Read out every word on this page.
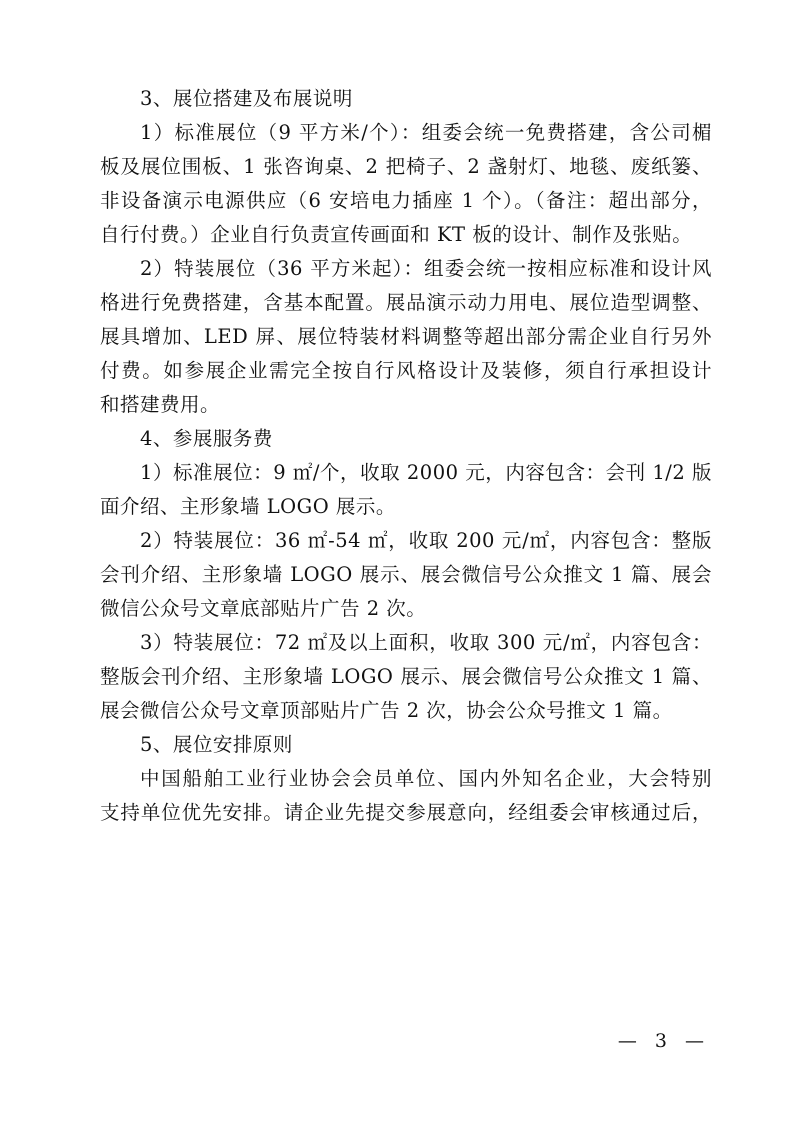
3、展位搭建及布展说明
1）标准展位（9 平方米/个）：组委会统一免费搭建，含公司楣
板及展位围板、1 张咨询桌、2 把椅子、2 盏射灯、地毯、废纸篓、
非设备演示电源供应（6 安培电力插座 1 个）。（备注：超出部分，
自行付费。）企业自行负责宣传画面和 KT 板的设计、制作及张贴。
2）特装展位（36 平方米起）：组委会统一按相应标准和设计风
格进行免费搭建，含基本配置。展品演示动力用电、展位造型调整、
展具增加、LED 屏、展位特装材料调整等超出部分需企业自行另外
付费。如参展企业需完全按自行风格设计及装修，须自行承担设计
和搭建费用。
4、参展服务费
1）标准展位：9 ㎡/个，收取 2000 元，内容包含：会刊 1/2 版
面介绍、主形象墙 LOGO 展示。
2）特装展位：36 ㎡-54 ㎡，收取 200 元/㎡，内容包含：整版
会刊介绍、主形象墙 LOGO 展示、展会微信号公众推文 1 篇、展会
微信公众号文章底部贴片广告 2 次。
3）特装展位：72 ㎡及以上面积，收取 300 元/㎡，内容包含：
整版会刊介绍、主形象墙 LOGO 展示、展会微信号公众推文 1 篇、
展会微信公众号文章顶部贴片广告 2 次，协会公众号推文 1 篇。
5、展位安排原则
中国船舶工业行业协会会员单位、国内外知名企业，大会特别
支持单位优先安排。请企业先提交参展意向，经组委会审核通过后，
— 3 —
